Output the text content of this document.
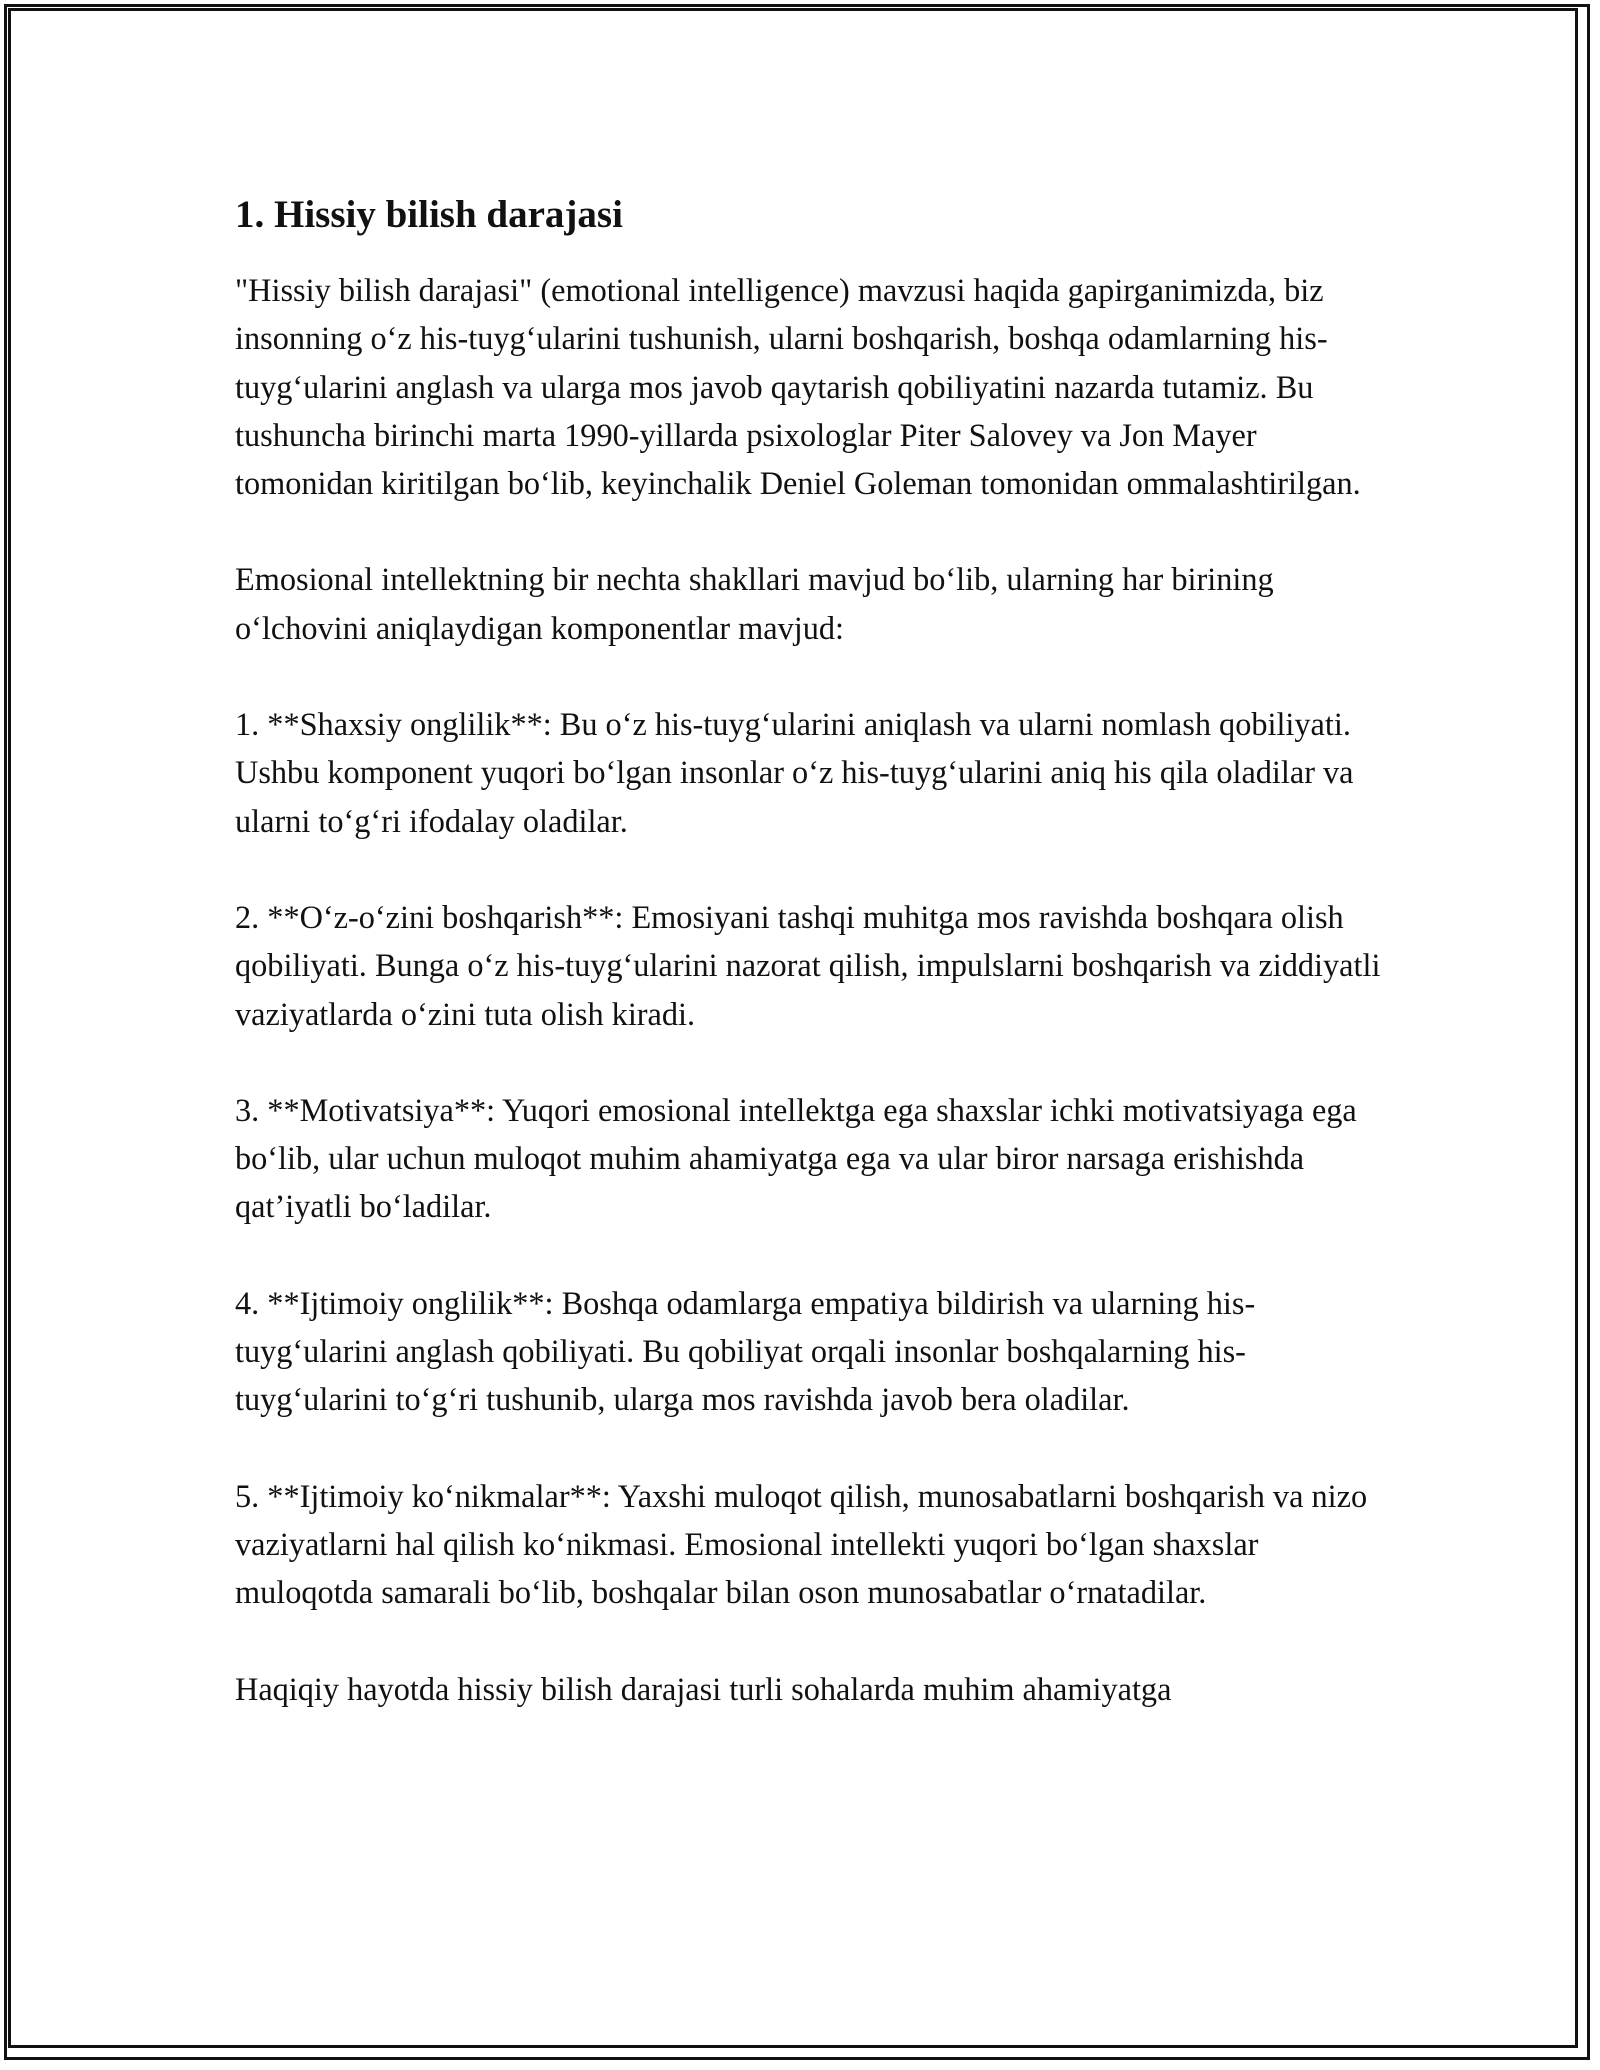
1. Hissiy bilish darajasi

"Hissiy bilish darajasi" (emotional intelligence) mavzusi haqida gapirganimizda, biz insonning o‘z his-tuyg‘ularini tushunish, ularni boshqarish, boshqa odamlarning his-tuyg‘ularini anglash va ularga mos javob qaytarish qobiliyatini nazarda tutamiz. Bu tushuncha birinchi marta 1990-yillarda psixologlar Piter Salovey va Jon Mayer tomonidan kiritilgan bo‘lib, keyinchalik Deniel Goleman tomonidan ommalashtirilgan.

Emosional intellektning bir nechta shakllari mavjud bo‘lib, ularning har birining o‘lchovini aniqlaydigan komponentlar mavjud:

1. **Shaxsiy onglilik**: Bu o‘z his-tuyg‘ularini aniqlash va ularni nomlash qobiliyati. Ushbu komponent yuqori bo‘lgan insonlar o‘z his-tuyg‘ularini aniq his qila oladilar va ularni to‘g‘ri ifodalay oladilar.

2. **O‘z-o‘zini boshqarish**: Emosiyani tashqi muhitga mos ravishda boshqara olish qobiliyati. Bunga o‘z his-tuyg‘ularini nazorat qilish, impulslarni boshqarish va ziddiyatli vaziyatlarda o‘zini tuta olish kiradi.

3. **Motivatsiya**: Yuqori emosional intellektga ega shaxslar ichki motivatsiyaga ega bo‘lib, ular uchun muloqot muhim ahamiyatga ega va ular biror narsaga erishishda qat’iyatli bo‘ladilar.

4. **Ijtimoiy onglilik**: Boshqa odamlarga empatiya bildirish va ularning his-tuyg‘ularini anglash qobiliyati. Bu qobiliyat orqali insonlar boshqalarning his-tuyg‘ularini to‘g‘ri tushunib, ularga mos ravishda javob bera oladilar.

5. **Ijtimoiy ko‘nikmalar**: Yaxshi muloqot qilish, munosabatlarni boshqarish va nizo vaziyatlarni hal qilish ko‘nikmasi. Emosional intellekti yuqori bo‘lgan shaxslar muloqotda samarali bo‘lib, boshqalar bilan oson munosabatlar o‘rnatadilar.

Haqiqiy hayotda hissiy bilish darajasi turli sohalarda muhim ahamiyatga
